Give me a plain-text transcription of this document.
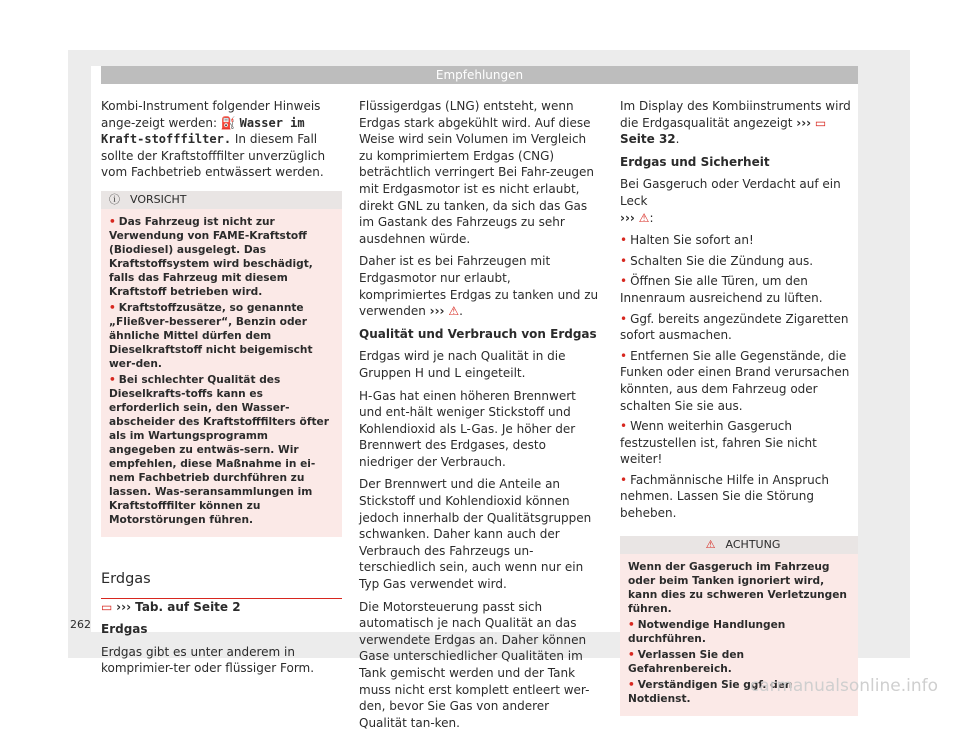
Empfehlungen

Kombi-Instrument folgender Hinweis ange-zeigt werden: ⛽ Wasser im Kraft-stofffilter. In diesem Fall sollte der Kraftstofffilter unverzüglich vom Fachbetrieb entwässert werden.

ⓘ VORSICHT

• Das Fahrzeug ist nicht zur Verwendung von FAME-Kraftstoff (Biodiesel) ausgelegt. Das Kraftstoffsystem wird beschädigt, falls das Fahrzeug mit diesem Kraftstoff betrieben wird.

• Kraftstoffzusätze, so genannte „Fließver-besserer“, Benzin oder ähnliche Mittel dürfen dem Dieselkraftstoff nicht beigemischt wer-den.

• Bei schlechter Qualität des Dieselkrafts-toffs kann es erforderlich sein, den Wasser-abscheider des Kraftstofffilters öfter als im Wartungsprogramm angegeben zu entwäs-sern. Wir empfehlen, diese Maßnahme in ei-nem Fachbetrieb durchführen zu lassen. Was-seransammlungen im Kraftstofffilter können zu Motorstörungen führen.

Erdgas

▭ ››› Tab. auf Seite 2

Erdgas

Erdgas gibt es unter anderem in komprimier-ter oder flüssiger Form.

Flüssigerdgas (LNG) entsteht, wenn Erdgas stark abgekühlt wird. Auf diese Weise wird sein Volumen im Vergleich zu komprimiertem Erdgas (CNG) beträchtlich verringert Bei Fahr-zeugen mit Erdgasmotor ist es nicht erlaubt, direkt GNL zu tanken, da sich das Gas im Gastank des Fahrzeugs zu sehr ausdehnen würde.

Daher ist es bei Fahrzeugen mit Erdgasmotor nur erlaubt, komprimiertes Erdgas zu tanken und zu verwenden ››› ⚠.

Qualität und Verbrauch von Erdgas

Erdgas wird je nach Qualität in die Gruppen H und L eingeteilt.

H-Gas hat einen höheren Brennwert und ent-hält weniger Stickstoff und Kohlendioxid als L-Gas. Je höher der Brennwert des Erdgases, desto niedriger der Verbrauch.

Der Brennwert und die Anteile an Stickstoff und Kohlendioxid können jedoch innerhalb der Qualitätsgruppen schwanken. Daher kann auch der Verbrauch des Fahrzeugs un-terschiedlich sein, auch wenn nur ein Typ Gas verwendet wird.

Die Motorsteuerung passt sich automatisch je nach Qualität an das verwendete Erdgas an. Daher können Gase unterschiedlicher Qualitäten im Tank gemischt werden und der Tank muss nicht erst komplett entleert wer-den, bevor Sie Gas von anderer Qualität tan-ken.

Im Display des Kombiinstruments wird die Erdgasqualität angezeigt ››› ▭ Seite 32.

Erdgas und Sicherheit

Bei Gasgeruch oder Verdacht auf ein Leck
››› ⚠:

• Halten Sie sofort an!
• Schalten Sie die Zündung aus.
• Öffnen Sie alle Türen, um den Innenraum ausreichend zu lüften.
• Ggf. bereits angezündete Zigaretten sofort ausmachen.
• Entfernen Sie alle Gegenstände, die Funken oder einen Brand verursachen könnten, aus dem Fahrzeug oder schalten Sie sie aus.
• Wenn weiterhin Gasgeruch festzustellen ist, fahren Sie nicht weiter!
• Fachmännische Hilfe in Anspruch nehmen. Lassen Sie die Störung beheben.
⚠ ACHTUNG

Wenn der Gasgeruch im Fahrzeug oder beim Tanken ignoriert wird, kann dies zu schweren Verletzungen führen.

• Notwendige Handlungen durchführen.

• Verlassen Sie den Gefahrenbereich.

• Verständigen Sie ggf. den Notdienst.

262
carmanualsonline.info
